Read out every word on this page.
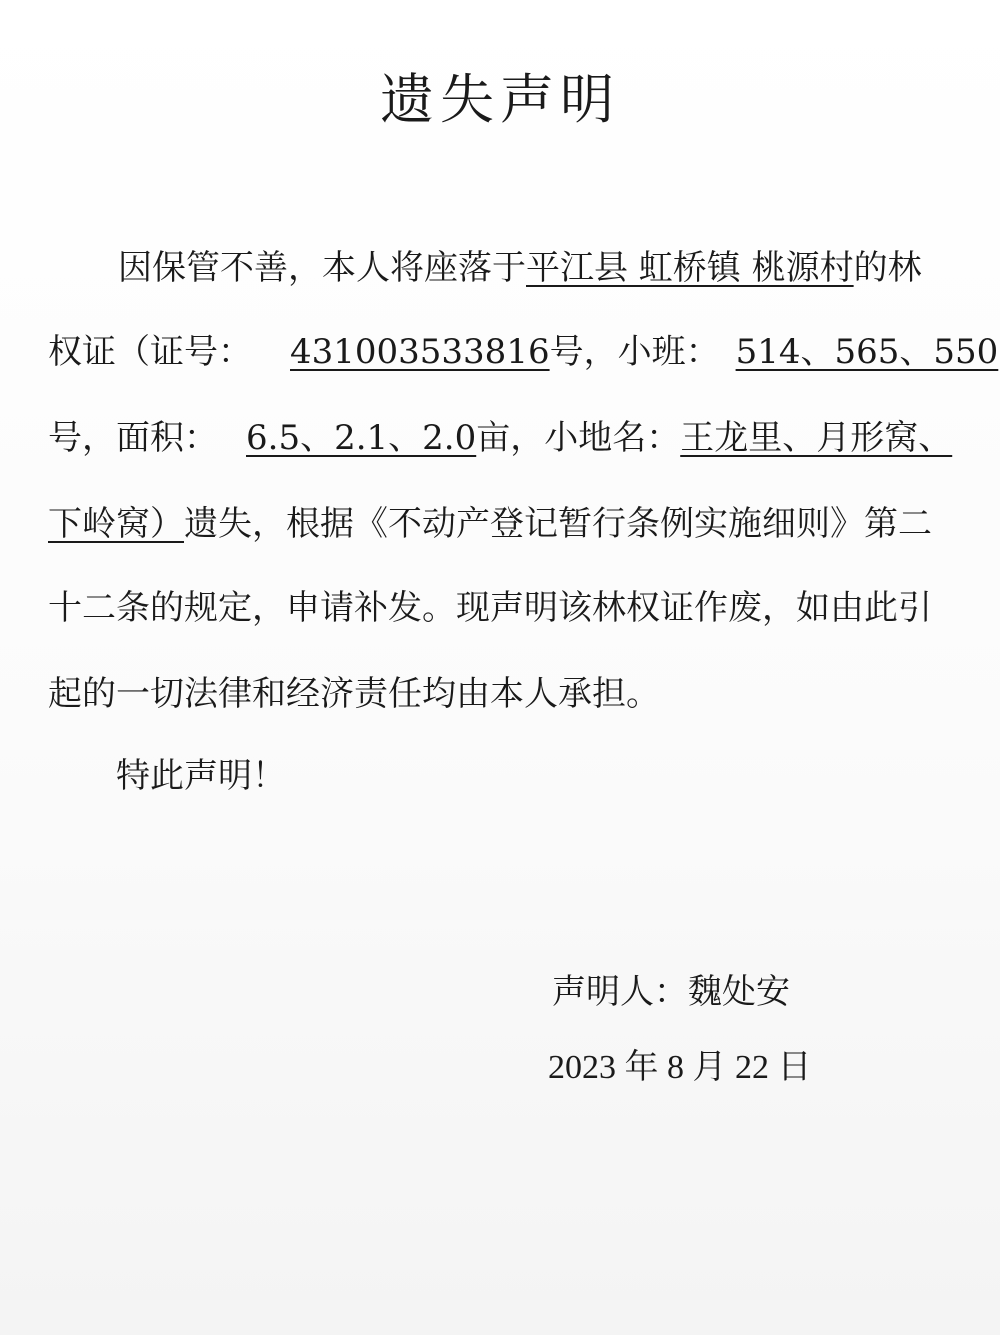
遗失声明
因保管不善，本人将座落于平江县 虹桥镇 桃源村的林
权证（证号： 431003533816号，小班： 514、565、550
号，面积： 6.5、2.1、2.0亩，小地名：王龙里、月形窝、
下岭窝）遗失，根据《不动产登记暂行条例实施细则》第二
十二条的规定，申请补发。现声明该林权证作废，如由此引
起的一切法律和经济责任均由本人承担。
特此声明！
声明人：魏处安
2023 年 8 月 22 日
